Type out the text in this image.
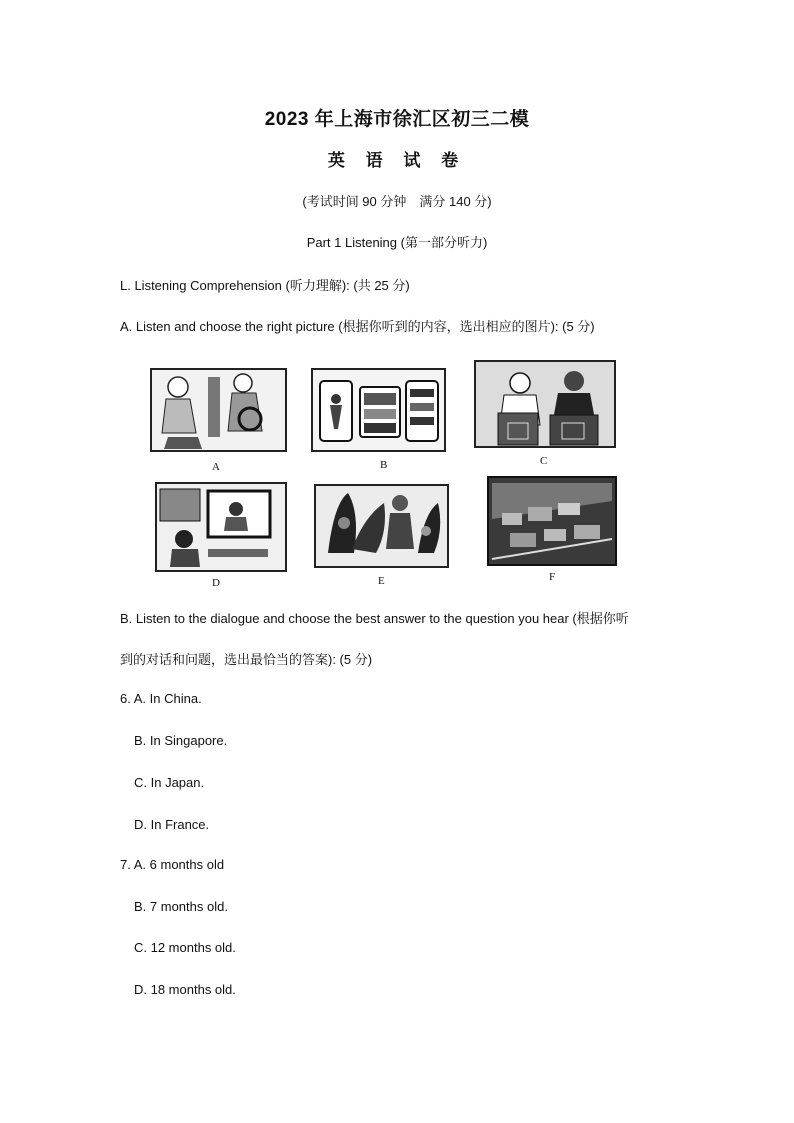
2023 年上海市徐汇区初三二模
英 语 试 卷
(考试时间 90 分钟　满分 140 分)
Part 1 Listening (第一部分听力)
L. Listening Comprehension (听力理解): (共 25 分)
A. Listen and choose the right picture (根据你听到的内容，选出相应的图片): (5 分)
A	B	C
D	E	F
B. Listen to the dialogue and choose the best answer to the question you hear (根据你听
到的对话和问题，选出最恰当的答案): (5 分)
6. A. In China.
B. In Singapore.
C. In Japan.
D. In France.
7. A. 6 months old
B. 7 months old.
C. 12 months old.
D. 18 months old.
